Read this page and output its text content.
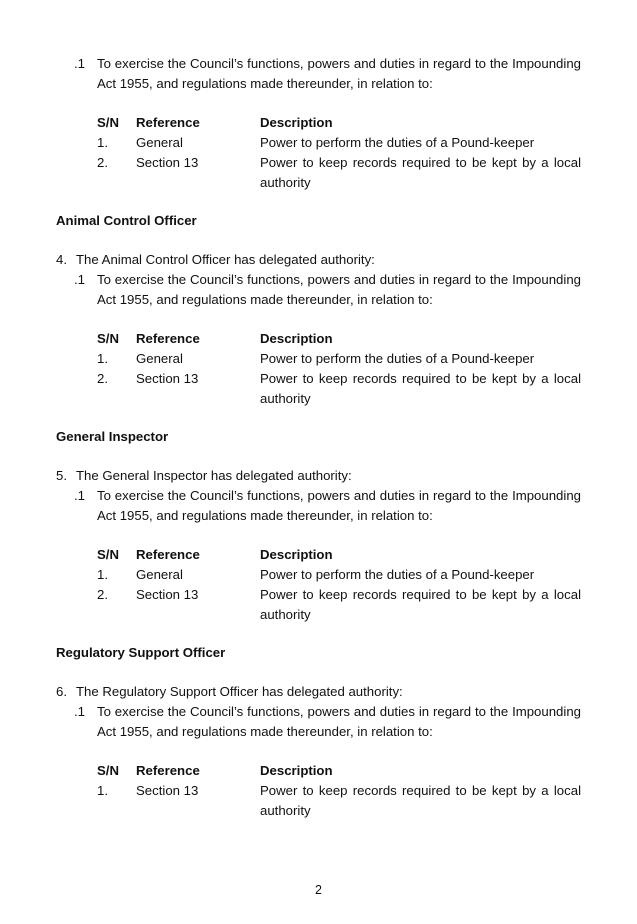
.1 To exercise the Council’s functions, powers and duties in regard to the Impounding Act 1955, and regulations made thereunder, in relation to:
S/N	Reference	Description
1.	General	Power to perform the duties of a Pound-keeper
2.	Section 13	Power to keep records required to be kept by a local authority
Animal Control Officer
4. The Animal Control Officer has delegated authority:
.1 To exercise the Council’s functions, powers and duties in regard to the Impounding Act 1955, and regulations made thereunder, in relation to:
S/N	Reference	Description
1.	General	Power to perform the duties of a Pound-keeper
2.	Section 13	Power to keep records required to be kept by a local authority
General Inspector
5. The General Inspector has delegated authority:
.1 To exercise the Council’s functions, powers and duties in regard to the Impounding Act 1955, and regulations made thereunder, in relation to:
S/N	Reference	Description
1.	General	Power to perform the duties of a Pound-keeper
2.	Section 13	Power to keep records required to be kept by a local authority
Regulatory Support Officer
6. The Regulatory Support Officer has delegated authority:
.1 To exercise the Council’s functions, powers and duties in regard to the Impounding Act 1955, and regulations made thereunder, in relation to:
S/N	Reference	Description
1.	Section 13	Power to keep records required to be kept by a local authority
2
